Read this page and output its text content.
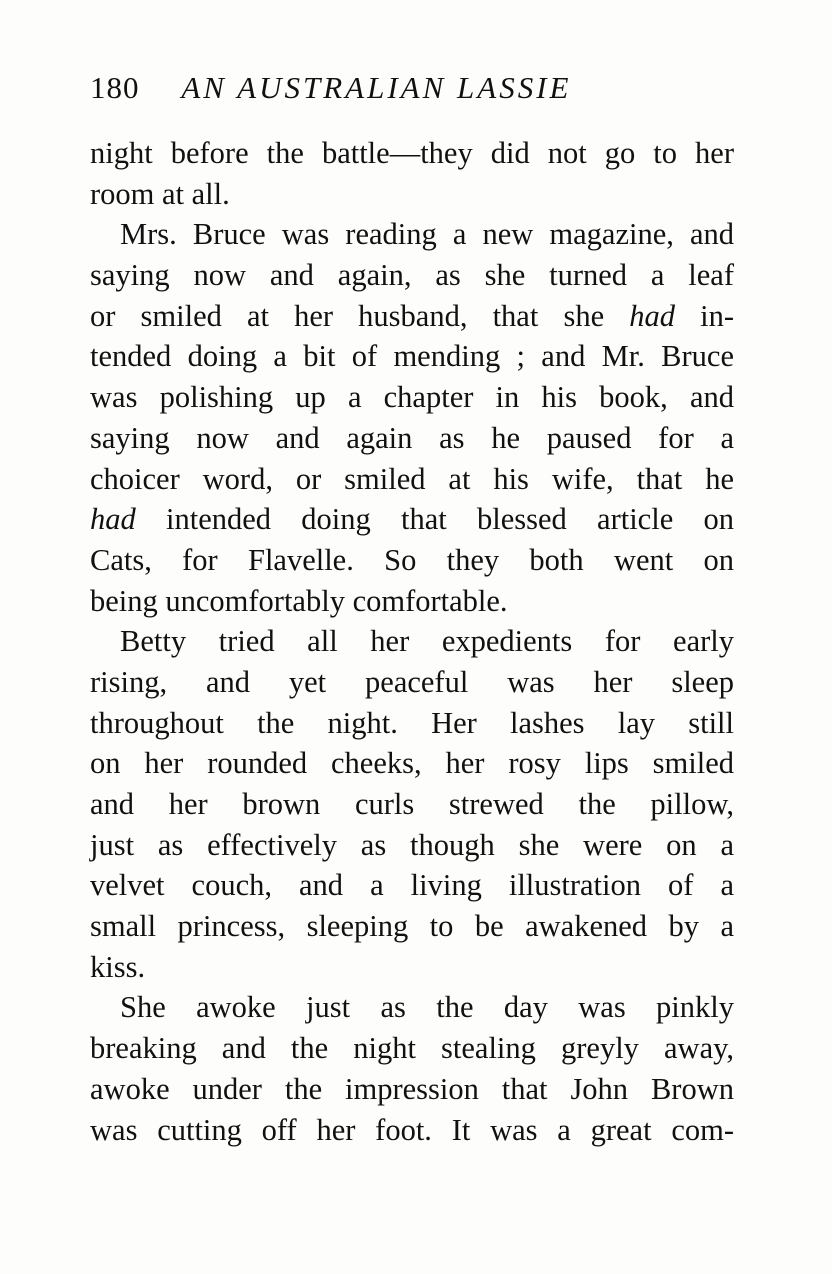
180 AN AUSTRALIAN LASSIE
night before the battle—they did not go to her
room at all.
Mrs. Bruce was reading a new magazine, and
saying now and again, as she turned a leaf
or smiled at her husband, that she had in-
tended doing a bit of mending ; and Mr. Bruce
was polishing up a chapter in his book, and
saying now and again as he paused for a
choicer word, or smiled at his wife, that he
had intended doing that blessed article on
Cats, for Flavelle. So they both went on
being uncomfortably comfortable.
Betty tried all her expedients for early
rising, and yet peaceful was her sleep
throughout the night. Her lashes lay still
on her rounded cheeks, her rosy lips smiled
and her brown curls strewed the pillow,
just as effectively as though she were on a
velvet couch, and a living illustration of a
small princess, sleeping to be awakened by a
kiss.
She awoke just as the day was pinkly
breaking and the night stealing greyly away,
awoke under the impression that John Brown
was cutting off her foot. It was a great com-
